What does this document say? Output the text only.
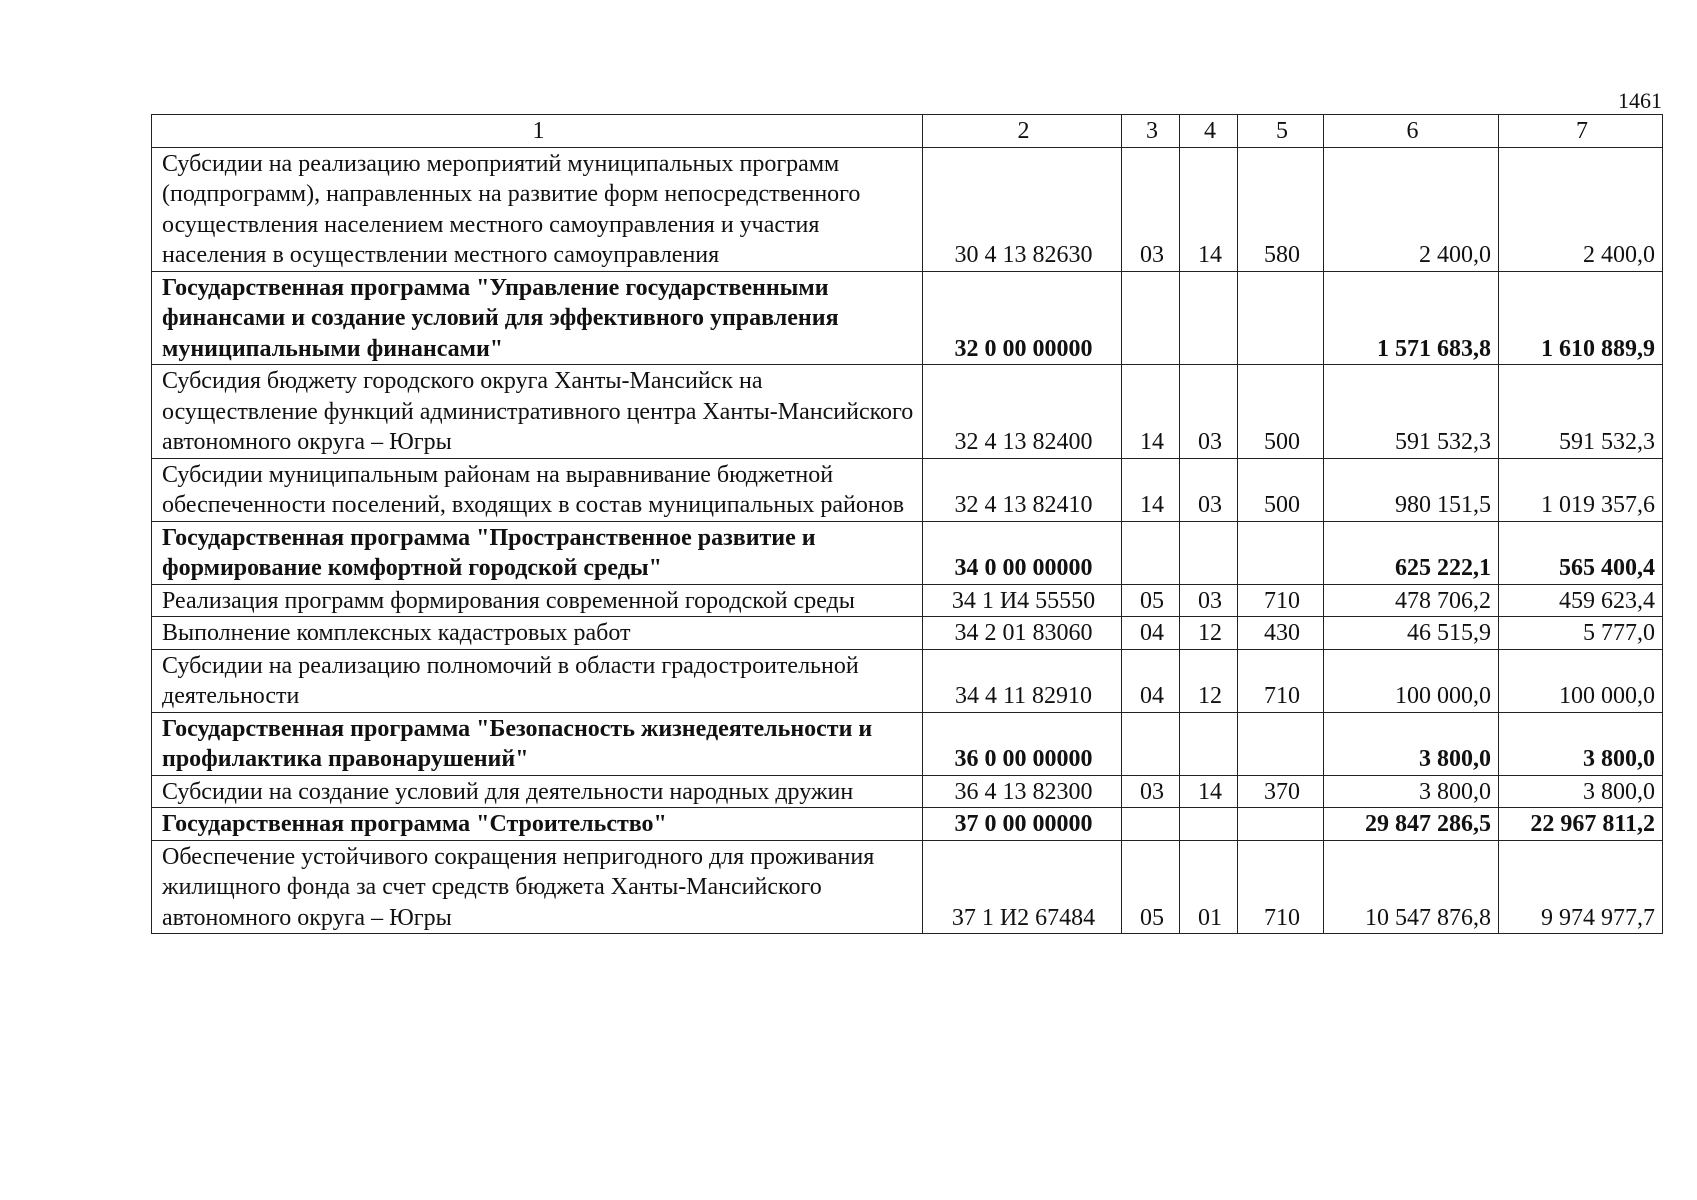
1461
1	2	3	4	5	6	7
Субсидии на реализацию мероприятий муниципальных программ (подпрограмм), направленных на развитие форм непосредственного осуществления населением местного самоуправления и участия населения в осуществлении местного самоуправления	30 4 13 82630	03	14	580	2 400,0	2 400,0
Государственная программа "Управление государственными финансами и создание условий для эффективного управления муниципальными финансами"	32 0 00 00000				1 571 683,8	1 610 889,9
Субсидия бюджету городского округа Ханты-Мансийск на осуществление функций административного центра Ханты-Мансийского автономного округа – Югры	32 4 13 82400	14	03	500	591 532,3	591 532,3
Субсидии муниципальным районам на выравнивание бюджетной обеспеченности поселений, входящих в состав муниципальных районов	32 4 13 82410	14	03	500	980 151,5	1 019 357,6
Государственная программа "Пространственное развитие и формирование комфортной городской среды"	34 0 00 00000				625 222,1	565 400,4
Реализация программ формирования современной городской среды	34 1 И4 55550	05	03	710	478 706,2	459 623,4
Выполнение комплексных кадастровых работ	34 2 01 83060	04	12	430	46 515,9	5 777,0
Субсидии на реализацию полномочий в области градостроительной деятельности	34 4 11 82910	04	12	710	100 000,0	100 000,0
Государственная программа "Безопасность жизнедеятельности и профилактика правонарушений"	36 0 00 00000				3 800,0	3 800,0
Субсидии на создание условий для деятельности народных дружин	36 4 13 82300	03	14	370	3 800,0	3 800,0
Государственная программа "Строительство"	37 0 00 00000				29 847 286,5	22 967 811,2
Обеспечение устойчивого сокращения непригодного для проживания жилищного фонда за счет средств бюджета Ханты-Мансийского автономного округа – Югры	37 1 И2 67484	05	01	710	10 547 876,8	9 974 977,7
